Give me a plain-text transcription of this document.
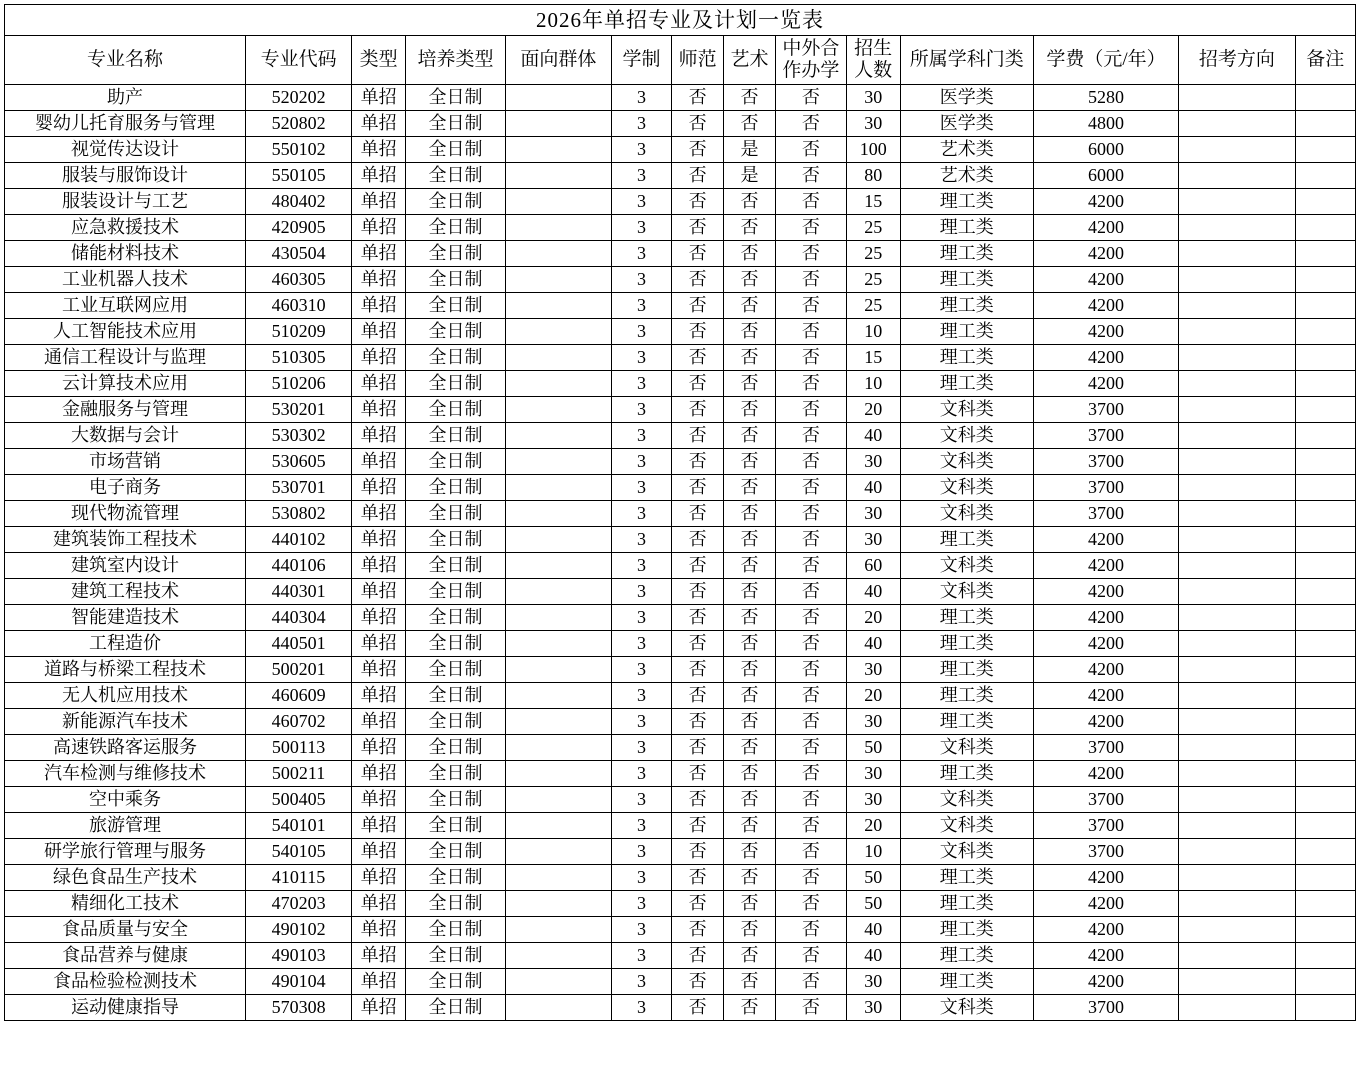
2026年单招专业及计划一览表													
专业名称	专业代码	类型	培养类型	面向群体	学制	师范	艺术	中外合作办学	招生人数	所属学科门类	学费（元/年）	招考方向	备注
助产	520202	单招	全日制		3	否	否	否	30	医学类	5280		
婴幼儿托育服务与管理	520802	单招	全日制		3	否	否	否	30	医学类	4800		
视觉传达设计	550102	单招	全日制		3	否	是	否	100	艺术类	6000		
服装与服饰设计	550105	单招	全日制		3	否	是	否	80	艺术类	6000		
服装设计与工艺	480402	单招	全日制		3	否	否	否	15	理工类	4200		
应急救援技术	420905	单招	全日制		3	否	否	否	25	理工类	4200		
储能材料技术	430504	单招	全日制		3	否	否	否	25	理工类	4200		
工业机器人技术	460305	单招	全日制		3	否	否	否	25	理工类	4200		
工业互联网应用	460310	单招	全日制		3	否	否	否	25	理工类	4200		
人工智能技术应用	510209	单招	全日制		3	否	否	否	10	理工类	4200		
通信工程设计与监理	510305	单招	全日制		3	否	否	否	15	理工类	4200		
云计算技术应用	510206	单招	全日制		3	否	否	否	10	理工类	4200		
金融服务与管理	530201	单招	全日制		3	否	否	否	20	文科类	3700		
大数据与会计	530302	单招	全日制		3	否	否	否	40	文科类	3700		
市场营销	530605	单招	全日制		3	否	否	否	30	文科类	3700		
电子商务	530701	单招	全日制		3	否	否	否	40	文科类	3700		
现代物流管理	530802	单招	全日制		3	否	否	否	30	文科类	3700		
建筑装饰工程技术	440102	单招	全日制		3	否	否	否	30	理工类	4200		
建筑室内设计	440106	单招	全日制		3	否	否	否	60	文科类	4200		
建筑工程技术	440301	单招	全日制		3	否	否	否	40	文科类	4200		
智能建造技术	440304	单招	全日制		3	否	否	否	20	理工类	4200		
工程造价	440501	单招	全日制		3	否	否	否	40	理工类	4200		
道路与桥梁工程技术	500201	单招	全日制		3	否	否	否	30	理工类	4200		
无人机应用技术	460609	单招	全日制		3	否	否	否	20	理工类	4200		
新能源汽车技术	460702	单招	全日制		3	否	否	否	30	理工类	4200		
高速铁路客运服务	500113	单招	全日制		3	否	否	否	50	文科类	3700		
汽车检测与维修技术	500211	单招	全日制		3	否	否	否	30	理工类	4200		
空中乘务	500405	单招	全日制		3	否	否	否	30	文科类	3700		
旅游管理	540101	单招	全日制		3	否	否	否	20	文科类	3700		
研学旅行管理与服务	540105	单招	全日制		3	否	否	否	10	文科类	3700		
绿色食品生产技术	410115	单招	全日制		3	否	否	否	50	理工类	4200		
精细化工技术	470203	单招	全日制		3	否	否	否	50	理工类	4200		
食品质量与安全	490102	单招	全日制		3	否	否	否	40	理工类	4200		
食品营养与健康	490103	单招	全日制		3	否	否	否	40	理工类	4200		
食品检验检测技术	490104	单招	全日制		3	否	否	否	30	理工类	4200		
运动健康指导	570308	单招	全日制		3	否	否	否	30	文科类	3700		
